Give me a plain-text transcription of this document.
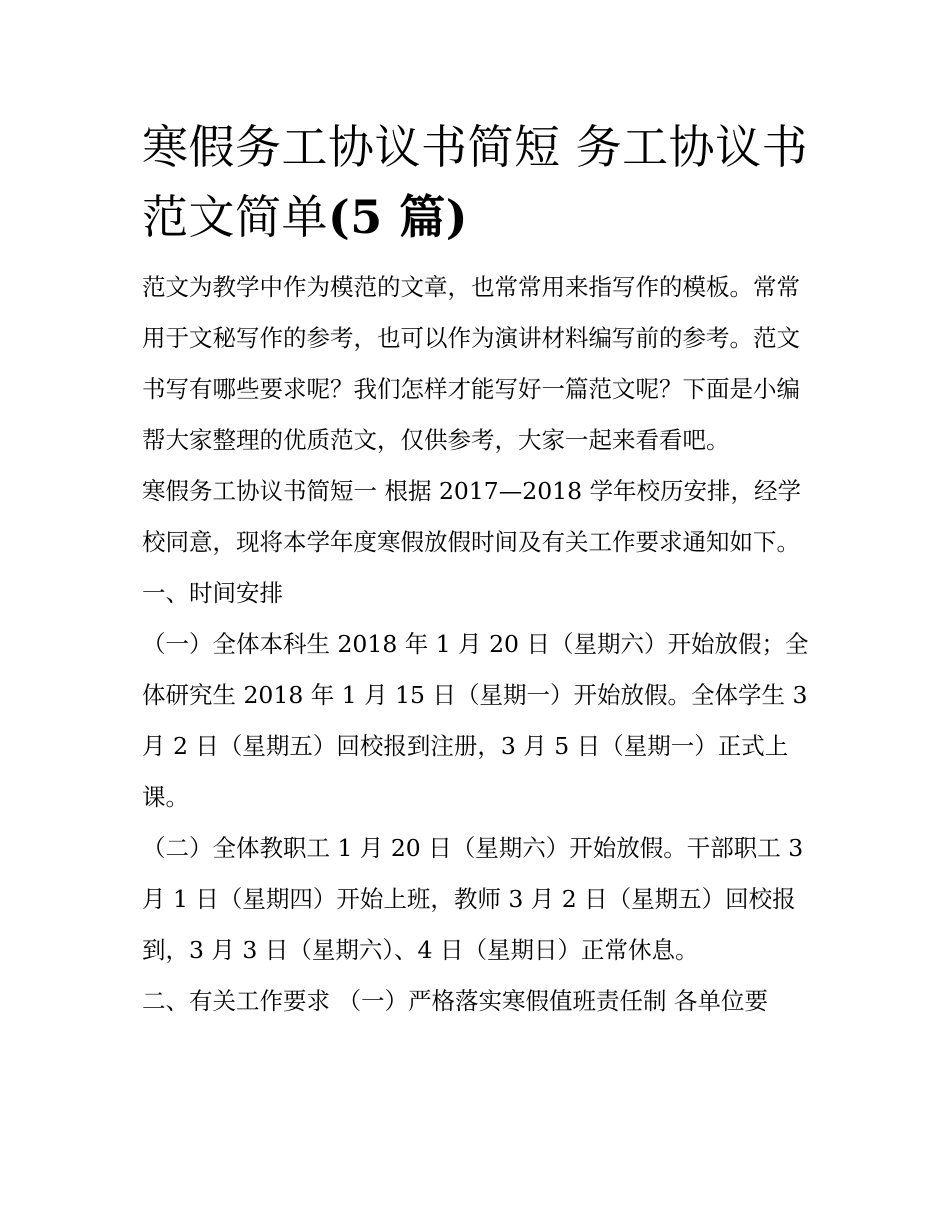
寒假务工协议书简短 务工协议书范文简单(5 篇)

范文为教学中作为模范的文章，也常常用来指写作的模板。常常用于文秘写作的参考，也可以作为演讲材料编写前的参考。范文书写有哪些要求呢？我们怎样才能写好一篇范文呢？下面是小编帮大家整理的优质范文，仅供参考，大家一起来看看吧。

寒假务工协议书简短一 根据 2017—2018 学年校历安排，经学校同意，现将本学年度寒假放假时间及有关工作要求通知如下。 一、时间安排

（一）全体本科生 2018 年 1 月 20 日（星期六）开始放假；全体研究生 2018 年 1 月 15 日（星期一）开始放假。全体学生 3 月 2 日（星期五）回校报到注册，3 月 5 日（星期一）正式上课。

（二）全体教职工 1 月 20 日（星期六）开始放假。干部职工 3 月 1 日（星期四）开始上班，教师 3 月 2 日（星期五）回校报到，3 月 3 日（星期六）、4 日（星期日）正常休息。

二、有关工作要求 （一）严格落实寒假值班责任制 各单位要
